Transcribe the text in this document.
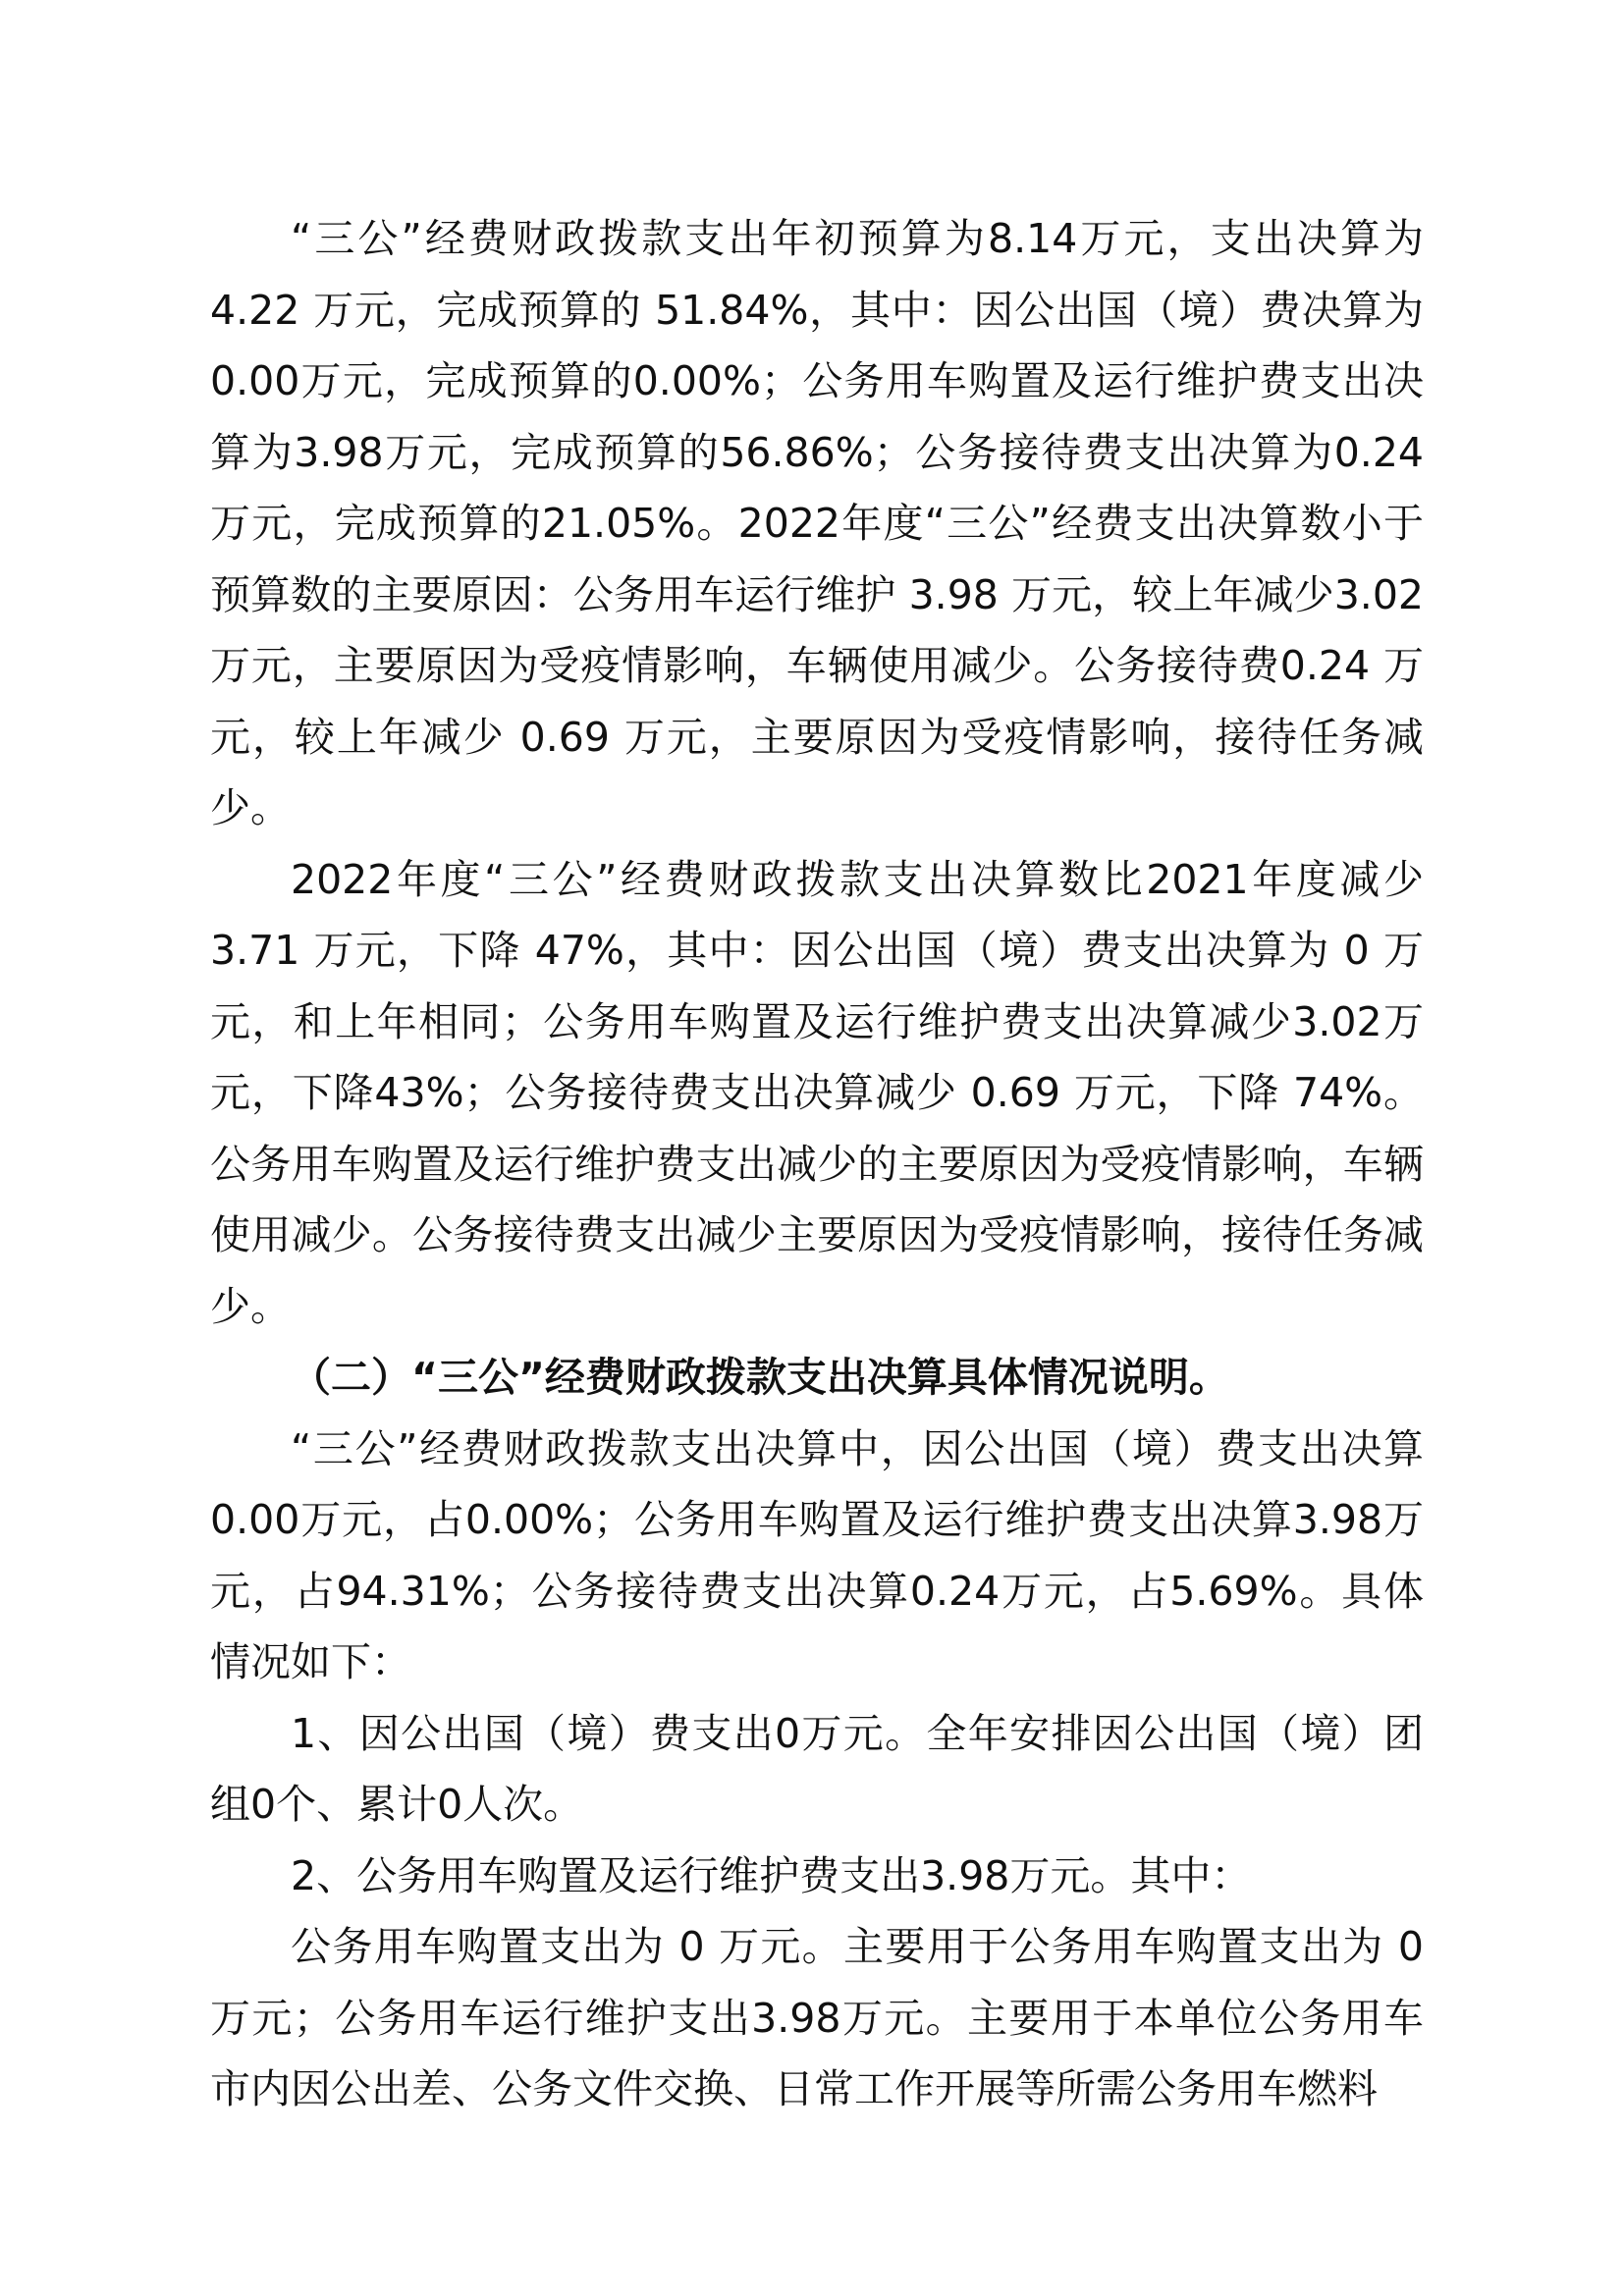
“三公”经费财政拨款支出年初预算为8.14万元，支出决算为4.22 万元，完成预算的 51.84%，其中：因公出国（境）费决算为0.00万元，完成预算的0.00%；公务用车购置及运行维护费支出决算为3.98万元，完成预算的56.86%；公务接待费支出决算为0.24万元，完成预算的21.05%。2022年度“三公”经费支出决算数小于预算数的主要原因：公务用车运行维护 3.98 万元，较上年减少3.02 万元，主要原因为受疫情影响，车辆使用减少。公务接待费0.24 万元，较上年减少 0.69 万元，主要原因为受疫情影响，接待任务减少。

2022年度“三公”经费财政拨款支出决算数比2021年度减少3.71 万元，下降 47%，其中：因公出国（境）费支出决算为 0 万元，和上年相同；公务用车购置及运行维护费支出决算减少3.02万元，下降43%；公务接待费支出决算减少 0.69 万元，下降 74%。公务用车购置及运行维护费支出减少的主要原因为受疫情影响，车辆使用减少。公务接待费支出减少主要原因为受疫情影响，接待任务减少。

（二）“三公”经费财政拨款支出决算具体情况说明。

“三公”经费财政拨款支出决算中，因公出国（境）费支出决算0.00万元，占0.00%；公务用车购置及运行维护费支出决算3.98万元，占94.31%；公务接待费支出决算0.24万元，占5.69%。具体情况如下：

1、因公出国（境）费支出0万元。全年安排因公出国（境）团组0个、累计0人次。

2、公务用车购置及运行维护费支出3.98万元。其中：

公务用车购置支出为 0 万元。主要用于公务用车购置支出为 0万元；公务用车运行维护支出3.98万元。主要用于本单位公务用车市内因公出差、公务文件交换、日常工作开展等所需公务用车燃料
